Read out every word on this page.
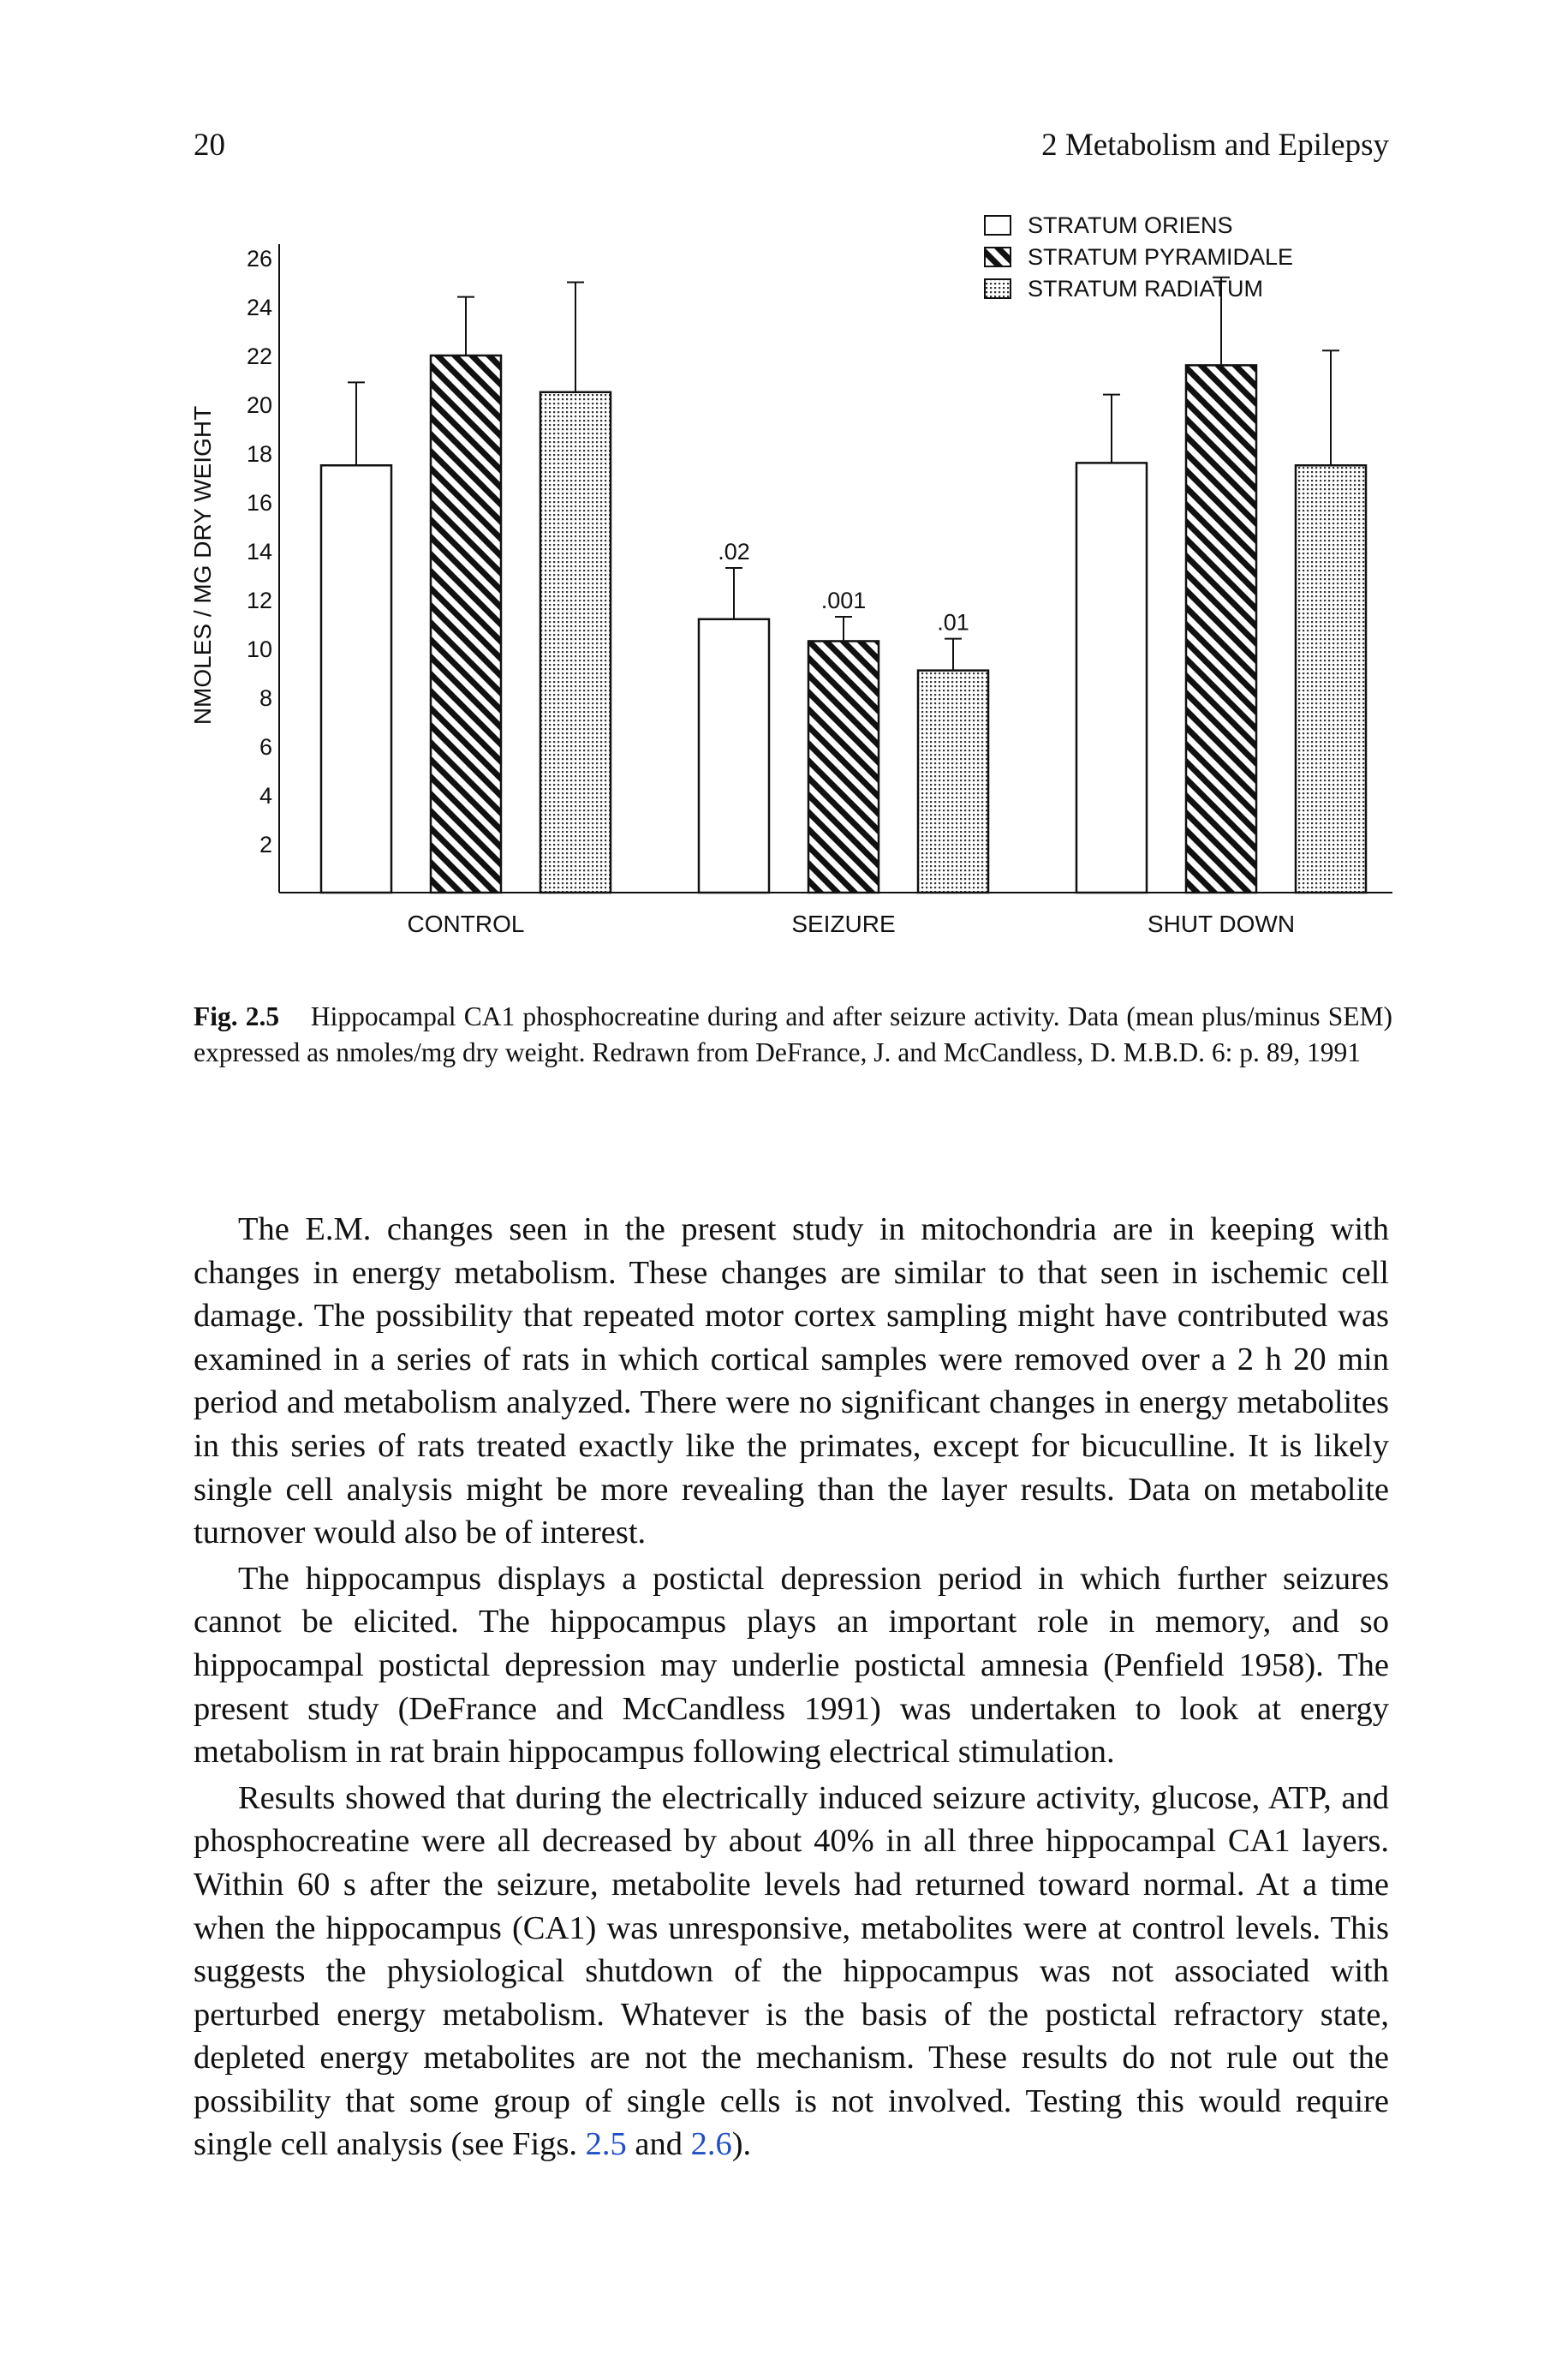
20	2 Metabolism and Epilepsy
2
4
6
8
10
12
14
16
18
20
22
24
26
.02
.001
.01
CONTROL	SEIZURE	SHUT DOWN
STRATUM ORIENS
STRATUM PYRAMIDALE
STRATUM RADIATUM
NMOLES / MG DRY WEIGHT
Fig. 2.5 Hippocampal CA1 phosphocreatine during and after seizure activity. Data (mean plus/minus SEM) expressed as nmoles/mg dry weight. Redrawn from DeFrance, J. and McCandless, D. M.B.D. 6: p. 89, 1991

The E.M. changes seen in the present study in mitochondria are in keeping with changes in energy metabolism. These changes are similar to that seen in ischemic cell damage. The possibility that repeated motor cortex sampling might have contributed was examined in a series of rats in which cortical samples were removed over a 2 h 20 min period and metabolism analyzed. There were no significant changes in energy metabolites in this series of rats treated exactly like the primates, except for bicuculline. It is likely single cell analysis might be more revealing than the layer results. Data on metabolite turnover would also be of interest.

The hippocampus displays a postictal depression period in which further seizures cannot be elicited. The hippocampus plays an important role in memory, and so hippocampal postictal depression may underlie postictal amnesia (Penfield 1958). The present study (DeFrance and McCandless 1991) was undertaken to look at energy metabolism in rat brain hippocampus following electrical stimulation.

Results showed that during the electrically induced seizure activity, glucose, ATP, and phosphocreatine were all decreased by about 40% in all three hippocampal CA1 layers. Within 60 s after the seizure, metabolite levels had returned toward normal. At a time when the hippocampus (CA1) was unresponsive, metabolites were at control levels. This suggests the physiological shutdown of the hippocampus was not associated with perturbed energy metabolism. Whatever is the basis of the postictal refractory state, depleted energy metabolites are not the mechanism. These results do not rule out the possibility that some group of single cells is not involved. Testing this would require single cell analysis (see Figs. 2.5 and 2.6).
